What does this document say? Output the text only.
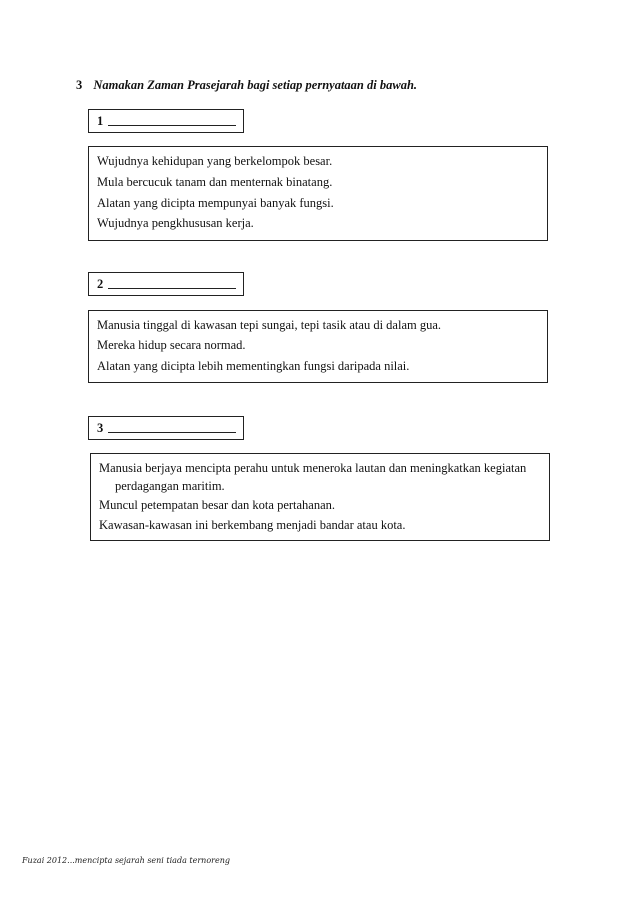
3 Namakan Zaman Prasejarah bagi setiap pernyataan di bawah.
1
Wujudnya kehidupan yang berkelompok besar.
Mula bercucuk tanam dan menternak binatang.
Alatan yang dicipta mempunyai banyak fungsi.
Wujudnya pengkhususan kerja.
2
Manusia tinggal di kawasan tepi sungai, tepi tasik atau di dalam gua.
Mereka hidup secara normad.
Alatan yang dicipta lebih mementingkan fungsi daripada nilai.
3
Manusia berjaya mencipta perahu untuk meneroka lautan dan meningkatkan kegiatan perdagangan maritim.
Muncul petempatan besar dan kota pertahanan.
Kawasan-kawasan ini berkembang menjadi bandar atau kota.
Fuzai 2012...mencipta sejarah seni tiada ternoreng
